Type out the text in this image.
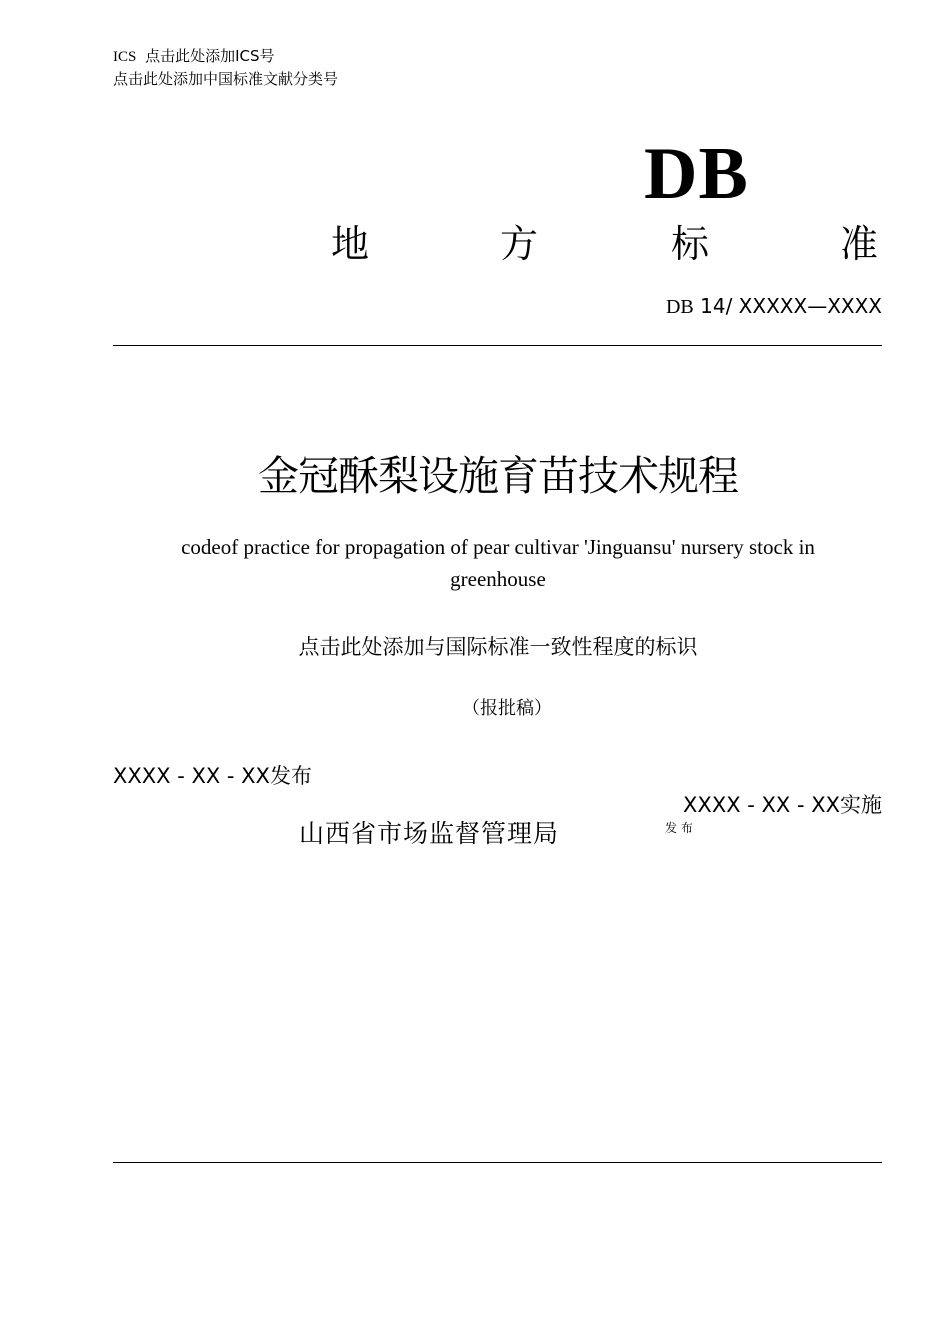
ICS 点击此处添加ICS号
点击此处添加中国标准文献分类号
DB
地	方	标	准
DB 14/ XXXXX—XXXX
金冠酥梨设施育苗技术规程
codeof practice for propagation of pear cultivar 'Jinguansu' nursery stock in
greenhouse
点击此处添加与国际标准一致性程度的标识
（报批稿）
XXXX - XX - XX发布
XXXX - XX - XX实施
山西省市场监督管理局	发 布
